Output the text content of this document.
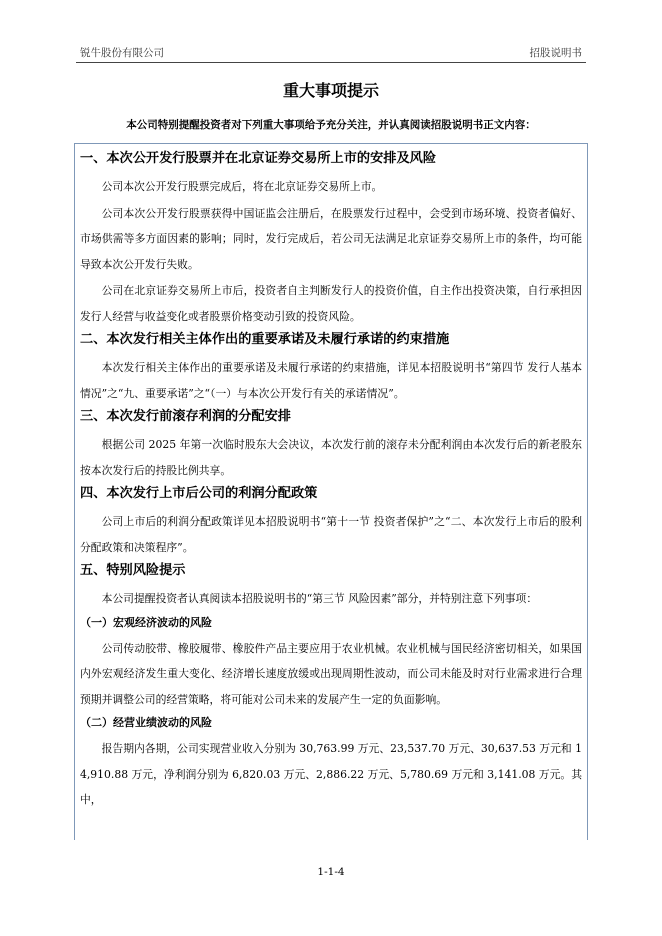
锐牛股份有限公司	招股说明书
重大事项提示
本公司特别提醒投资者对下列重大事项给予充分关注，并认真阅读招股说明书正文内容：
一、本次公开发行股票并在北京证券交易所上市的安排及风险
公司本次公开发行股票完成后，将在北京证券交易所上市。
公司本次公开发行股票获得中国证监会注册后，在股票发行过程中，会受到市场环境、投资者偏好、市场供需等多方面因素的影响；同时，发行完成后，若公司无法满足北京证券交易所上市的条件，均可能导致本次公开发行失败。
公司在北京证券交易所上市后，投资者自主判断发行人的投资价值，自主作出投资决策，自行承担因发行人经营与收益变化或者股票价格变动引致的投资风险。
二、本次发行相关主体作出的重要承诺及未履行承诺的约束措施
本次发行相关主体作出的重要承诺及未履行承诺的约束措施，详见本招股说明书“第四节 发行人基本情况”之“九、重要承诺”之“（一）与本次公开发行有关的承诺情况”。
三、本次发行前滚存利润的分配安排
根据公司 2025 年第一次临时股东大会决议，本次发行前的滚存未分配利润由本次发行后的新老股东按本次发行后的持股比例共享。
四、本次发行上市后公司的利润分配政策
公司上市后的利润分配政策详见本招股说明书“第十一节 投资者保护”之“二、本次发行上市后的股利分配政策和决策程序”。
五、特别风险提示
本公司提醒投资者认真阅读本招股说明书的“第三节 风险因素”部分，并特别注意下列事项：
（一）宏观经济波动的风险
公司传动胶带、橡胶履带、橡胶件产品主要应用于农业机械。农业机械与国民经济密切相关，如果国内外宏观经济发生重大变化、经济增长速度放缓或出现周期性波动，而公司未能及时对行业需求进行合理预期并调整公司的经营策略，将可能对公司未来的发展产生一定的负面影响。
（二）经营业绩波动的风险
报告期内各期，公司实现营业收入分别为 30,763.99 万元、23,537.70 万元、30,637.53 万元和 14,910.88 万元，净利润分别为 6,820.03 万元、2,886.22 万元、5,780.69 万元和 3,141.08 万元。其中，
1-1-4
